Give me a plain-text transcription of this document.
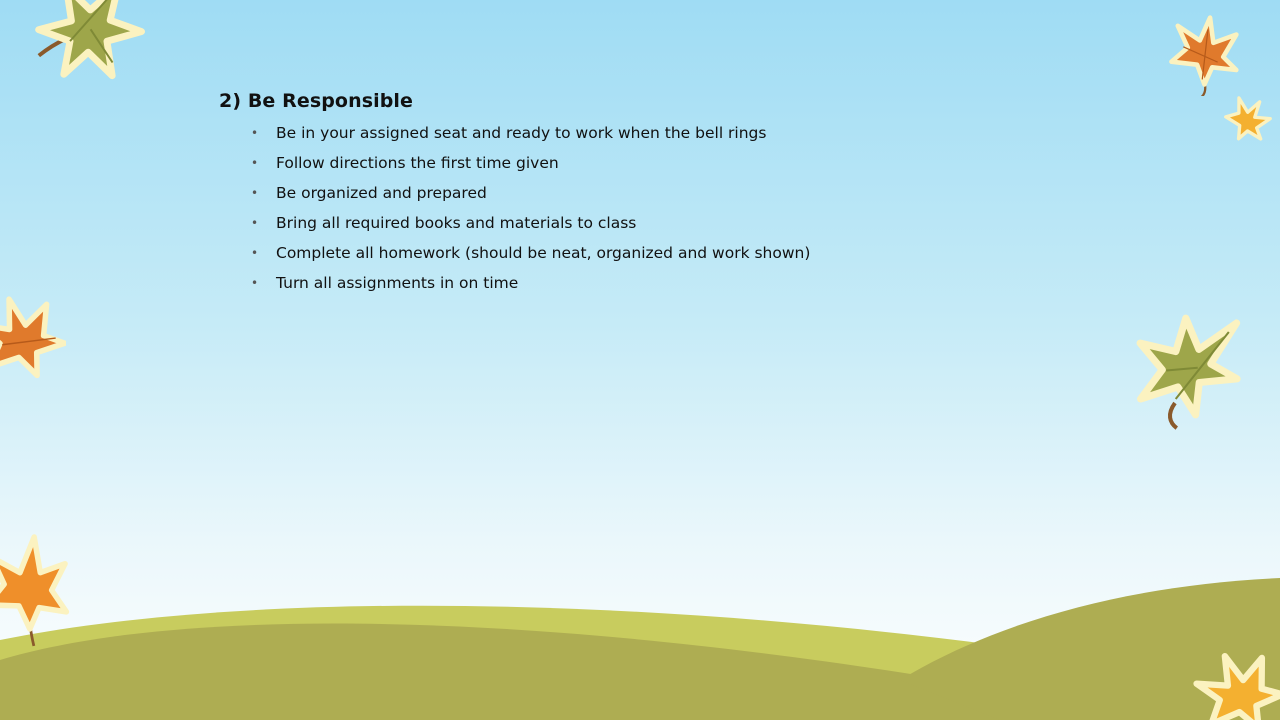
2) Be Responsible
• Be in your assigned seat and ready to work when the bell rings
• Follow directions the first time given
• Be organized and prepared
• Bring all required books and materials to class
• Complete all homework (should be neat, organized and work shown)
• Turn all assignments in on time
